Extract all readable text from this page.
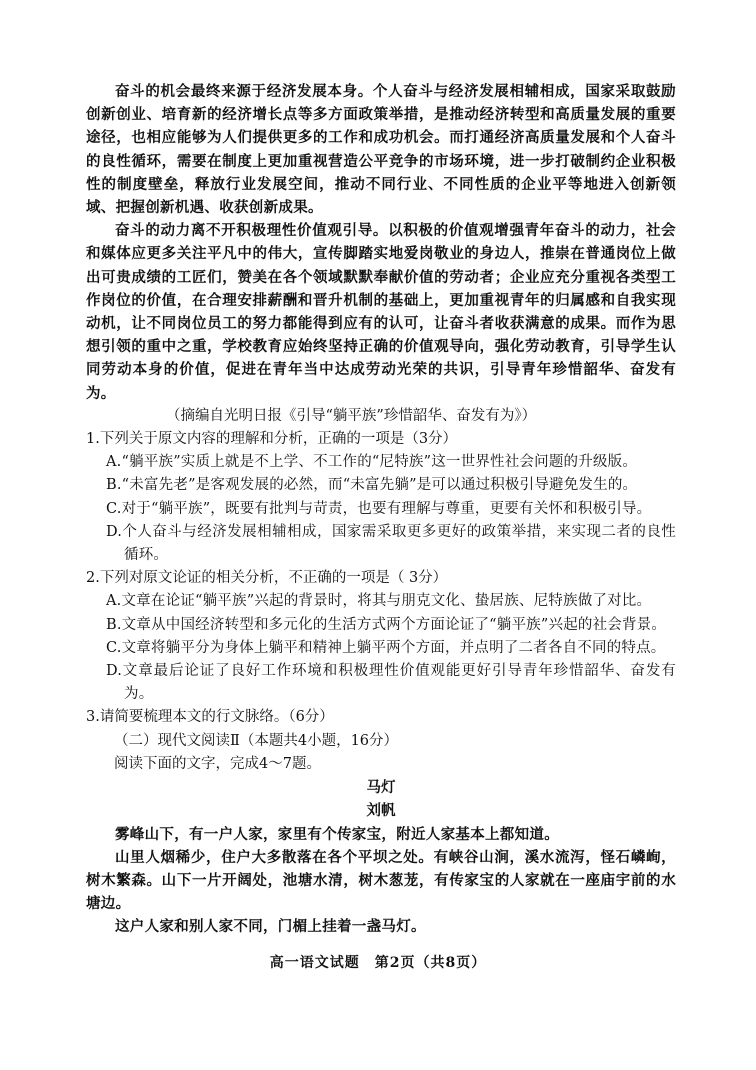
奋斗的机会最终来源于经济发展本身。个人奋斗与经济发展相辅相成，国家采取鼓励创新创业、培育新的经济增长点等多方面政策举措，是推动经济转型和高质量发展的重要途径，也相应能够为人们提供更多的工作和成功机会。而打通经济高质量发展和个人奋斗的良性循环，需要在制度上更加重视营造公平竞争的市场环境，进一步打破制约企业积极性的制度壁垒，释放行业发展空间，推动不同行业、不同性质的企业平等地进入创新领域、把握创新机遇、收获创新成果。

奋斗的动力离不开积极理性价值观引导。以积极的价值观增强青年奋斗的动力，社会和媒体应更多关注平凡中的伟大，宣传脚踏实地爱岗敬业的身边人，推崇在普通岗位上做出可贵成绩的工匠们，赞美在各个领域默默奉献价值的劳动者；企业应充分重视各类型工作岗位的价值，在合理安排薪酬和晋升机制的基础上，更加重视青年的归属感和自我实现动机，让不同岗位员工的努力都能得到应有的认可，让奋斗者收获满意的成果。而作为思想引领的重中之重，学校教育应始终坚持正确的价值观导向，强化劳动教育，引导学生认同劳动本身的价值，促进在青年当中达成劳动光荣的共识，引导青年珍惜韶华、奋发有为。

（摘编自光明日报《引导“躺平族”珍惜韶华、奋发有为》）

1.下列关于原文内容的理解和分析，正确的一项是（3分）

A.“躺平族”实质上就是不上学、不工作的“尼特族”这一世界性社会问题的升级版。

B.“未富先老”是客观发展的必然，而“未富先躺”是可以通过积极引导避免发生的。

C.对于“躺平族”，既要有批判与苛责，也要有理解与尊重，更要有关怀和积极引导。

D.个人奋斗与经济发展相辅相成，国家需采取更多更好的政策举措，来实现二者的良性循环。

2.下列对原文论证的相关分析，不正确的一项是（ 3分）

A.文章在论证“躺平族”兴起的背景时，将其与朋克文化、蛰居族、尼特族做了对比。

B.文章从中国经济转型和多元化的生活方式两个方面论证了“躺平族”兴起的社会背景。

C.文章将躺平分为身体上躺平和精神上躺平两个方面，并点明了二者各自不同的特点。

D.文章最后论证了良好工作环境和积极理性价值观能更好引导青年珍惜韶华、奋发有为。

3.请简要梳理本文的行文脉络。（6分）

（二）现代文阅读Ⅱ（本题共4小题，16分）

阅读下面的文字，完成4～7题。

马灯

刘帆

雾峰山下，有一户人家，家里有个传家宝，附近人家基本上都知道。

山里人烟稀少，住户大多散落在各个平坝之处。有峡谷山涧，溪水流泻，怪石嶙峋，树木繁森。山下一片开阔处，池塘水清，树木葱茏，有传家宝的人家就在一座庙宇前的水塘边。

这户人家和别人家不同，门楣上挂着一盏马灯。

高一语文试题　第2页（共8页）
